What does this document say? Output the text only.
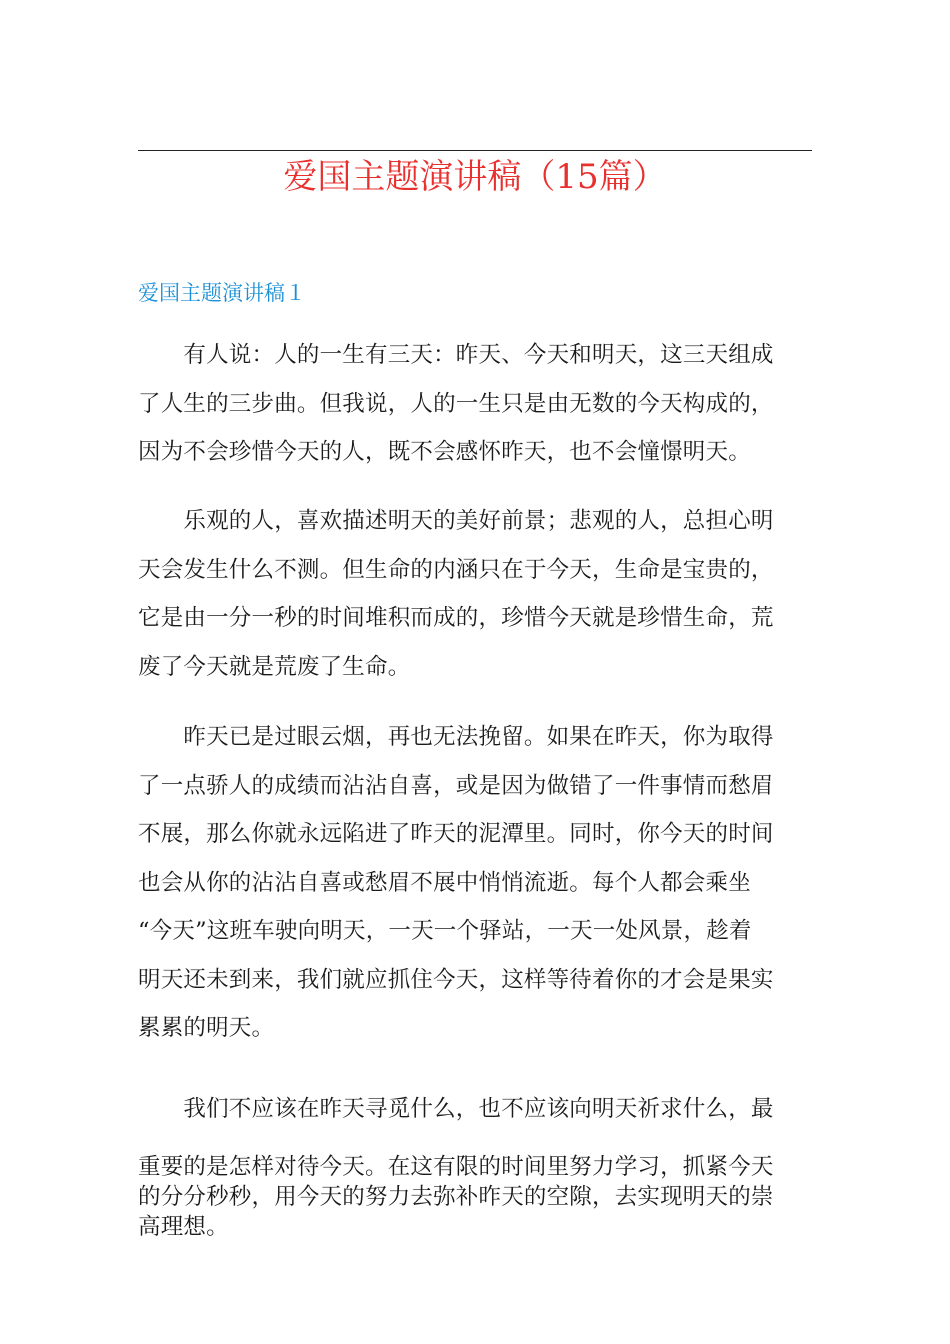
爱国主题演讲稿（15篇）
爱国主题演讲稿１

　　有人说：人的一生有三天：昨天、今天和明天，这三天组成
了人生的三步曲。但我说，人的一生只是由无数的今天构成的，
因为不会珍惜今天的人，既不会感怀昨天，也不会憧憬明天。

　　乐观的人，喜欢描述明天的美好前景；悲观的人，总担心明
天会发生什么不测。但生命的内涵只在于今天，生命是宝贵的，
它是由一分一秒的时间堆积而成的，珍惜今天就是珍惜生命，荒
废了今天就是荒废了生命。

　　昨天已是过眼云烟，再也无法挽留。如果在昨天，你为取得
了一点骄人的成绩而沾沾自喜，或是因为做错了一件事情而愁眉
不展，那么你就永远陷进了昨天的泥潭里。同时，你今天的时间
也会从你的沾沾自喜或愁眉不展中悄悄流逝。每个人都会乘坐
“今天”这班车驶向明天，一天一个驿站，一天一处风景，趁着
明天还未到来，我们就应抓住今天，这样等待着你的才会是果实
累累的明天。

　　我们不应该在昨天寻觅什么，也不应该向明天祈求什么，最
重要的是怎样对待今天。在这有限的时间里努力学习，抓紧今天
的分分秒秒，用今天的努力去弥补昨天的空隙，去实现明天的崇
高理想。
